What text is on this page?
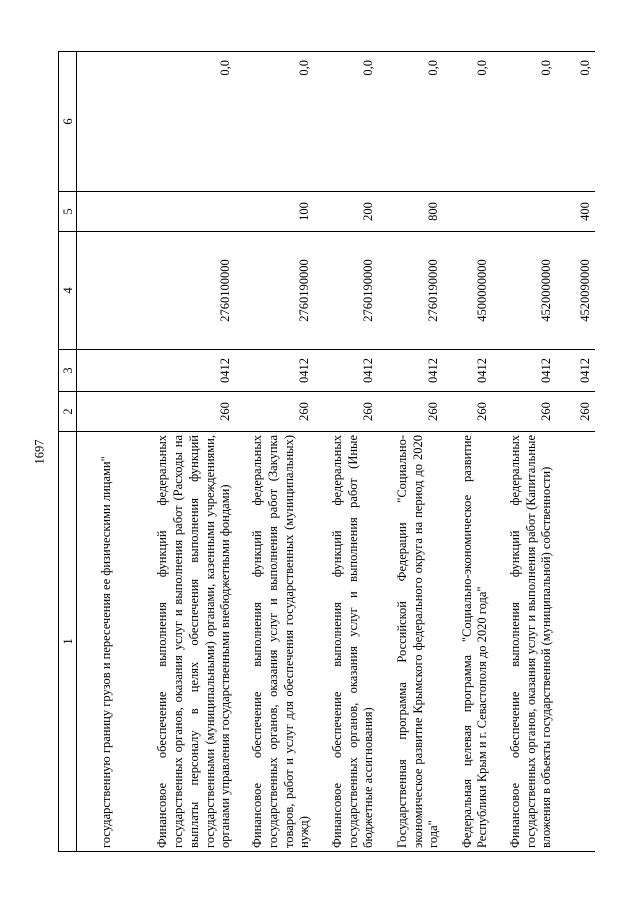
1697
1	2	3	4	5	6
государственную границу грузов и пересечения ее физическими лицами"					
Финансовое обеспечение выполнения функций федеральных государственных органов, оказания услуг и выполнения работ (Расходы на выплаты персоналу в целях обеспечения выполнения функций государственными (муниципальными) органами, казенными учреждениями, органами управления государственными внебюджетными фондами)	260	0412	2760100000		0,0
Финансовое обеспечение выполнения функций федеральных государственных органов, оказания услуг и выполнения работ (Закупка товаров, работ и услуг для обеспечения государственных (муниципальных) нужд)	260	0412	2760190000	100	0,0
Финансовое обеспечение выполнения функций федеральных государственных органов, оказания услуг и выполнения работ (Иные бюджетные ассигнования)	260	0412	2760190000	200	0,0
Государственная программа Российской Федерации "Социально-экономическое развитие Крымского федерального округа на период до 2020 года"	260	0412	2760190000	800	0,0
Федеральная целевая программа "Социально-экономическое развитие Республики Крым и г. Севастополя до 2020 года"	260	0412	4500000000		0,0
Финансовое обеспечение выполнения функций федеральных государственных органов, оказания услуг и выполнения работ (Капитальные вложения в объекты государственной (муниципальной) собственности)	260	0412	4520000000		0,0
	260	0412	4520090000	400	0,0
